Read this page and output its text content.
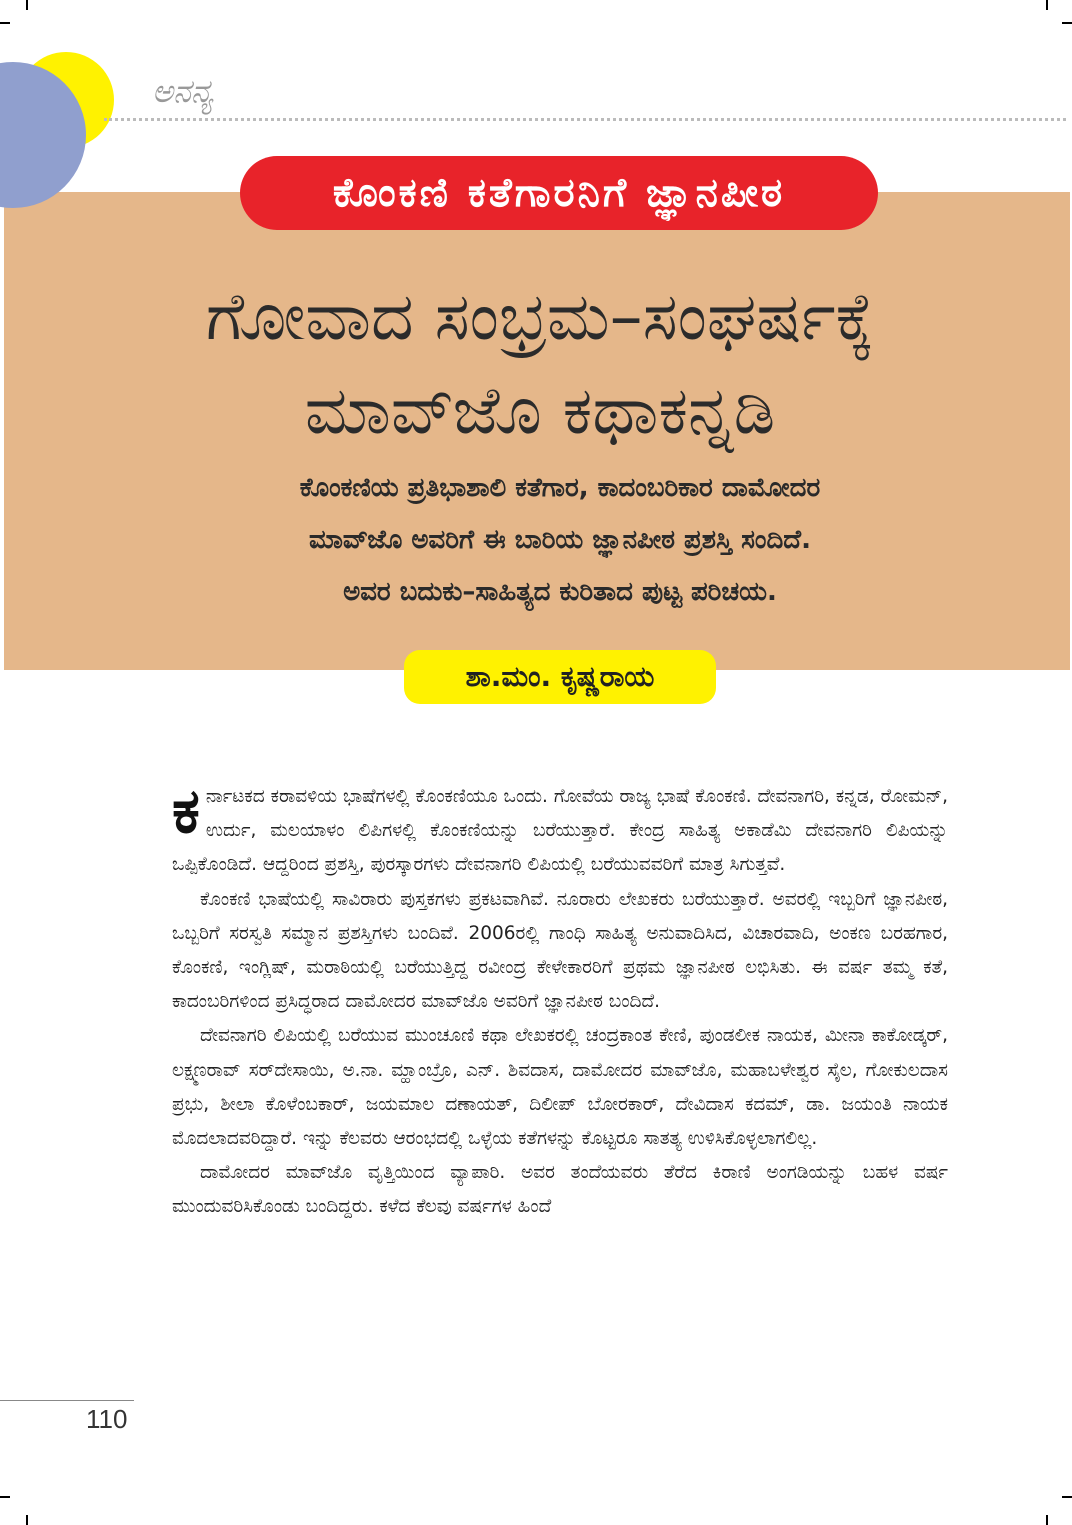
ಅನನ್ಯ
ಕೊಂಕಣಿ ಕತೆಗಾರನಿಗೆ ಜ್ಞಾನಪೀಠ
ಗೋವಾದ ಸಂಭ್ರಮ–ಸಂಘರ್ಷಕ್ಕೆ
ಮಾವ್‍ಜೊ ಕಥಾಕನ್ನಡಿ
ಕೊಂಕಣಿಯ ಪ್ರತಿಭಾಶಾಲಿ ಕತೆಗಾರ, ಕಾದಂಬರಿಕಾರ ದಾಮೋದರ
ಮಾವ್‍ಜೊ ಅವರಿಗೆ ಈ ಬಾರಿಯ ಜ್ಞಾನಪೀಠ ಪ್ರಶಸ್ತಿ ಸಂದಿದೆ.
ಅವರ ಬದುಕು–ಸಾಹಿತ್ಯದ ಕುರಿತಾದ ಪುಟ್ಟ ಪರಿಚಯ.
ಶಾ.ಮಂ. ಕೃಷ್ಣರಾಯ

ಕರ್ನಾಟಕದ ಕರಾವಳಿಯ ಭಾಷೆಗಳಲ್ಲಿ ಕೊಂಕಣಿಯೂ ಒಂದು. ಗೋವೆಯ ರಾಜ್ಯ ಭಾಷೆ ಕೊಂಕಣಿ. ದೇವನಾಗರಿ, ಕನ್ನಡ, ರೋಮನ್, ಉರ್ದು, ಮಲಯಾಳಂ ಲಿಪಿಗಳಲ್ಲಿ ಕೊಂಕಣಿಯನ್ನು ಬರೆಯುತ್ತಾರೆ. ಕೇಂದ್ರ ಸಾಹಿತ್ಯ ಅಕಾಡೆಮಿ ದೇವನಾಗರಿ ಲಿಪಿಯನ್ನು ಒಪ್ಪಿಕೊಂಡಿದೆ. ಆದ್ದರಿಂದ ಪ್ರಶಸ್ತಿ, ಪುರಸ್ಕಾರಗಳು ದೇವನಾಗರಿ ಲಿಪಿಯಲ್ಲಿ ಬರೆಯುವವರಿಗೆ ಮಾತ್ರ ಸಿಗುತ್ತವೆ.

ಕೊಂಕಣಿ ಭಾಷೆಯಲ್ಲಿ ಸಾವಿರಾರು ಪುಸ್ತಕಗಳು ಪ್ರಕಟವಾಗಿವೆ. ನೂರಾರು ಲೇಖಕರು ಬರೆಯುತ್ತಾರೆ. ಅವರಲ್ಲಿ ಇಬ್ಬರಿಗೆ ಜ್ಞಾನಪೀಠ, ಒಬ್ಬರಿಗೆ ಸರಸ್ವತಿ ಸಮ್ಮಾನ ಪ್ರಶಸ್ತಿಗಳು ಬಂದಿವೆ. 2006ರಲ್ಲಿ ಗಾಂಧಿ ಸಾಹಿತ್ಯ ಅನುವಾದಿಸಿದ, ವಿಚಾರವಾದಿ, ಅಂಕಣ ಬರಹಗಾರ, ಕೊಂಕಣಿ, ಇಂಗ್ಲಿಷ್, ಮರಾಠಿಯಲ್ಲಿ ಬರೆಯುತ್ತಿದ್ದ ರವೀಂದ್ರ ಕೇಳೇಕಾರರಿಗೆ ಪ್ರಥಮ ಜ್ಞಾನಪೀಠ ಲಭಿಸಿತು. ಈ ವರ್ಷ ತಮ್ಮ ಕತೆ, ಕಾದಂಬರಿಗಳಿಂದ ಪ್ರಸಿದ್ಧರಾದ ದಾಮೋದರ ಮಾವ್‍ಜೊ ಅವರಿಗೆ ಜ್ಞಾನಪೀಠ ಬಂದಿದೆ.

ದೇವನಾಗರಿ ಲಿಪಿಯಲ್ಲಿ ಬರೆಯುವ ಮುಂಚೂಣಿ ಕಥಾ ಲೇಖಕರಲ್ಲಿ ಚಂದ್ರಕಾಂತ ಕೇಣಿ, ಪುಂಡಲೀಕ ನಾಯಕ, ಮೀನಾ ಕಾಕೋಡ್ಕರ್, ಲಕ್ಷ್ಮಣರಾವ್ ಸರ್‌ದೇಸಾಯಿ, ಅ.ನಾ. ಮ್ಹಾಂಬ್ರೊ, ಎನ್. ಶಿವದಾಸ, ದಾಮೋದರ ಮಾವ್‍ಜೊ, ಮಹಾಬಳೇಶ್ವರ ಸೈಲ, ಗೋಕುಲದಾಸ ಪ್ರಭು, ಶೀಲಾ ಕೊಳೆಂಬಕಾರ್, ಜಯಮಾಲ ದಣಾಯತ್, ದಿಲೀಪ್ ಬೋರಕಾರ್, ದೇವಿದಾಸ ಕದಮ್, ಡಾ. ಜಯಂತಿ ನಾಯಕ ಮೊದಲಾದವರಿದ್ದಾರೆ. ಇನ್ನು ಕೆಲವರು ಆರಂಭದಲ್ಲಿ ಒಳ್ಳೆಯ ಕತೆಗಳನ್ನು ಕೊಟ್ಟರೂ ಸಾತತ್ಯ ಉಳಿಸಿಕೊಳ್ಳಲಾಗಲಿಲ್ಲ.

ದಾಮೋದರ ಮಾವ್‍ಜೊ ವೃತ್ತಿಯಿಂದ ವ್ಯಾಪಾರಿ. ಅವರ ತಂದೆಯವರು ತೆರೆದ ಕಿರಾಣಿ ಅಂಗಡಿಯನ್ನು ಬಹಳ ವರ್ಷ ಮುಂದುವರಿಸಿಕೊಂಡು ಬಂದಿದ್ದರು. ಕಳೆದ ಕೆಲವು ವರ್ಷಗಳ ಹಿಂದೆ

110
